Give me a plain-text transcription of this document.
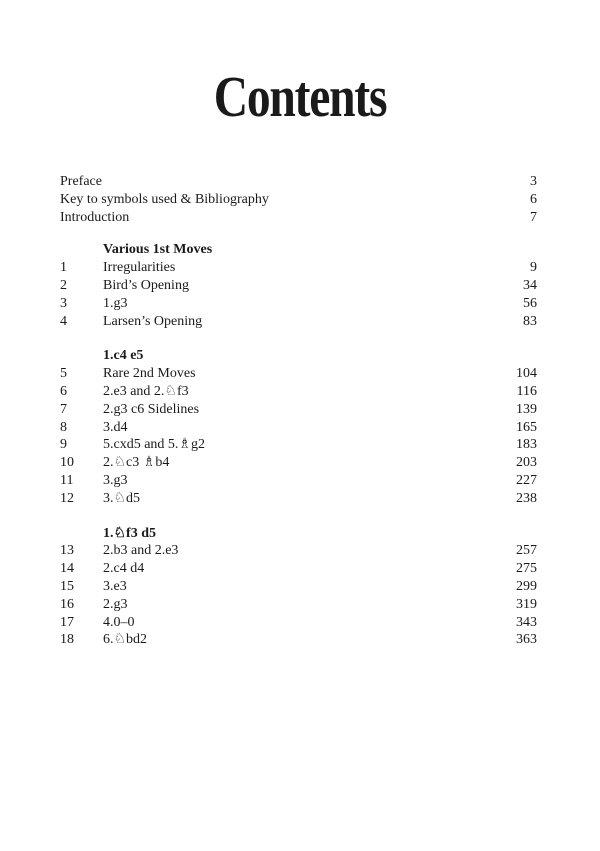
Contents
Preface	3
Key to symbols used & Bibliography	6
Introduction	7
Various 1st Moves
1	Irregularities	9
2	Bird’s Opening	34
3	1.g3	56
4	Larsen’s Opening	83
1.c4 e5
5	Rare 2nd Moves	104
6	2.e3 and 2.♘f3	116
7	2.g3 c6 Sidelines	139
8	3.d4	165
9	5.cxd5 and 5.♗g2	183
10	2.♘c3 ♗b4	203
11	3.g3	227
12	3.♘d5	238
1.♘f3 d5
13	2.b3 and 2.e3	257
14	2.c4 d4	275
15	3.e3	299
16	2.g3	319
17	4.0–0	343
18	6.♘bd2	363
